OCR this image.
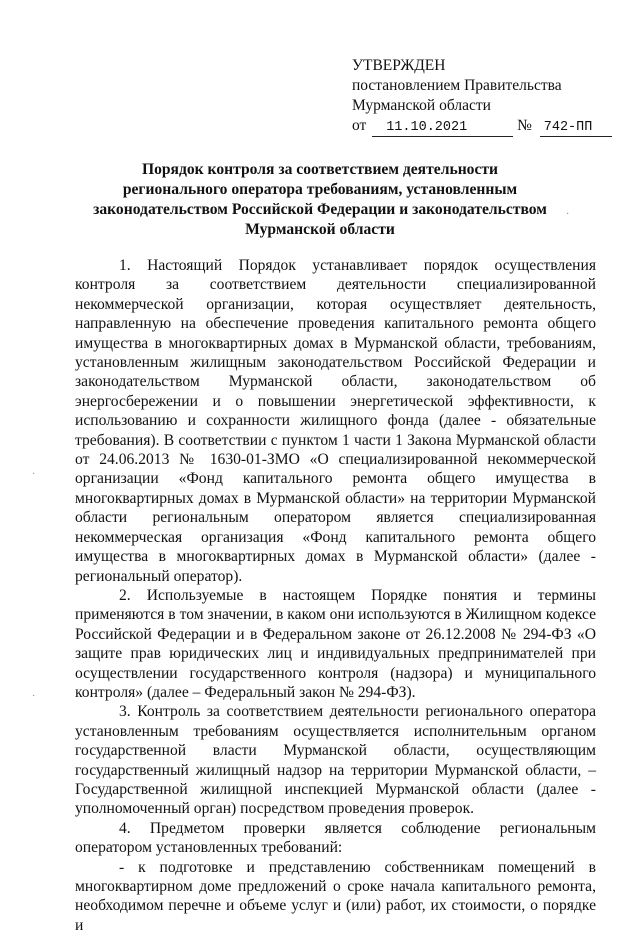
УТВЕРЖДЕН
постановлением Правительства
Мурманской области
от 11.10.2021	№ 742-ПП
Порядок контроля за соответствием деятельности регионального оператора требованиям, установленным законодательством Российской Федерации и законодательством Мурманской области

1. Настоящий Порядок устанавливает порядок осуществления контроля за соответствием деятельности специализированной некоммерческой организации, которая осуществляет деятельность, направленную на обеспечение проведения капитального ремонта общего имущества в многоквартирных домах в Мурманской области, требованиям, установленным жилищным законодательством Российской Федерации и законодательством Мурманской области, законодательством об энергосбережении и о повышении энергетической эффективности, к использованию и сохранности жилищного фонда (далее - обязательные требования). В соответствии с пунктом 1 части 1 Закона Мурманской области от 24.06.2013 № 1630-01-ЗМО «О специализированной некоммерческой организации «Фонд капитального ремонта общего имущества в многоквартирных домах в Мурманской области» на территории Мурманской области региональным оператором является специализированная некоммерческая организация «Фонд капитального ремонта общего имущества в многоквартирных домах в Мурманской области» (далее - региональный оператор).

2. Используемые в настоящем Порядке понятия и термины применяются в том значении, в каком они используются в Жилищном кодексе Российской Федерации и в Федеральном законе от 26.12.2008 № 294-ФЗ «О защите прав юридических лиц и индивидуальных предпринимателей при осуществлении государственного контроля (надзора) и муниципального контроля» (далее – Федеральный закон № 294-ФЗ).

3. Контроль за соответствием деятельности регионального оператора установленным требованиям осуществляется исполнительным органом государственной власти Мурманской области, осуществляющим государственный жилищный надзор на территории Мурманской области, – Государственной жилищной инспекцией Мурманской области (далее - уполномоченный орган) посредством проведения проверок.

4. Предметом проверки является соблюдение региональным оператором установленных требований:

- к подготовке и представлению собственникам помещений в многоквартирном доме предложений о сроке начала капитального ремонта, необходимом перечне и объеме услуг и (или) работ, их стоимости, о порядке и

·
·
·
